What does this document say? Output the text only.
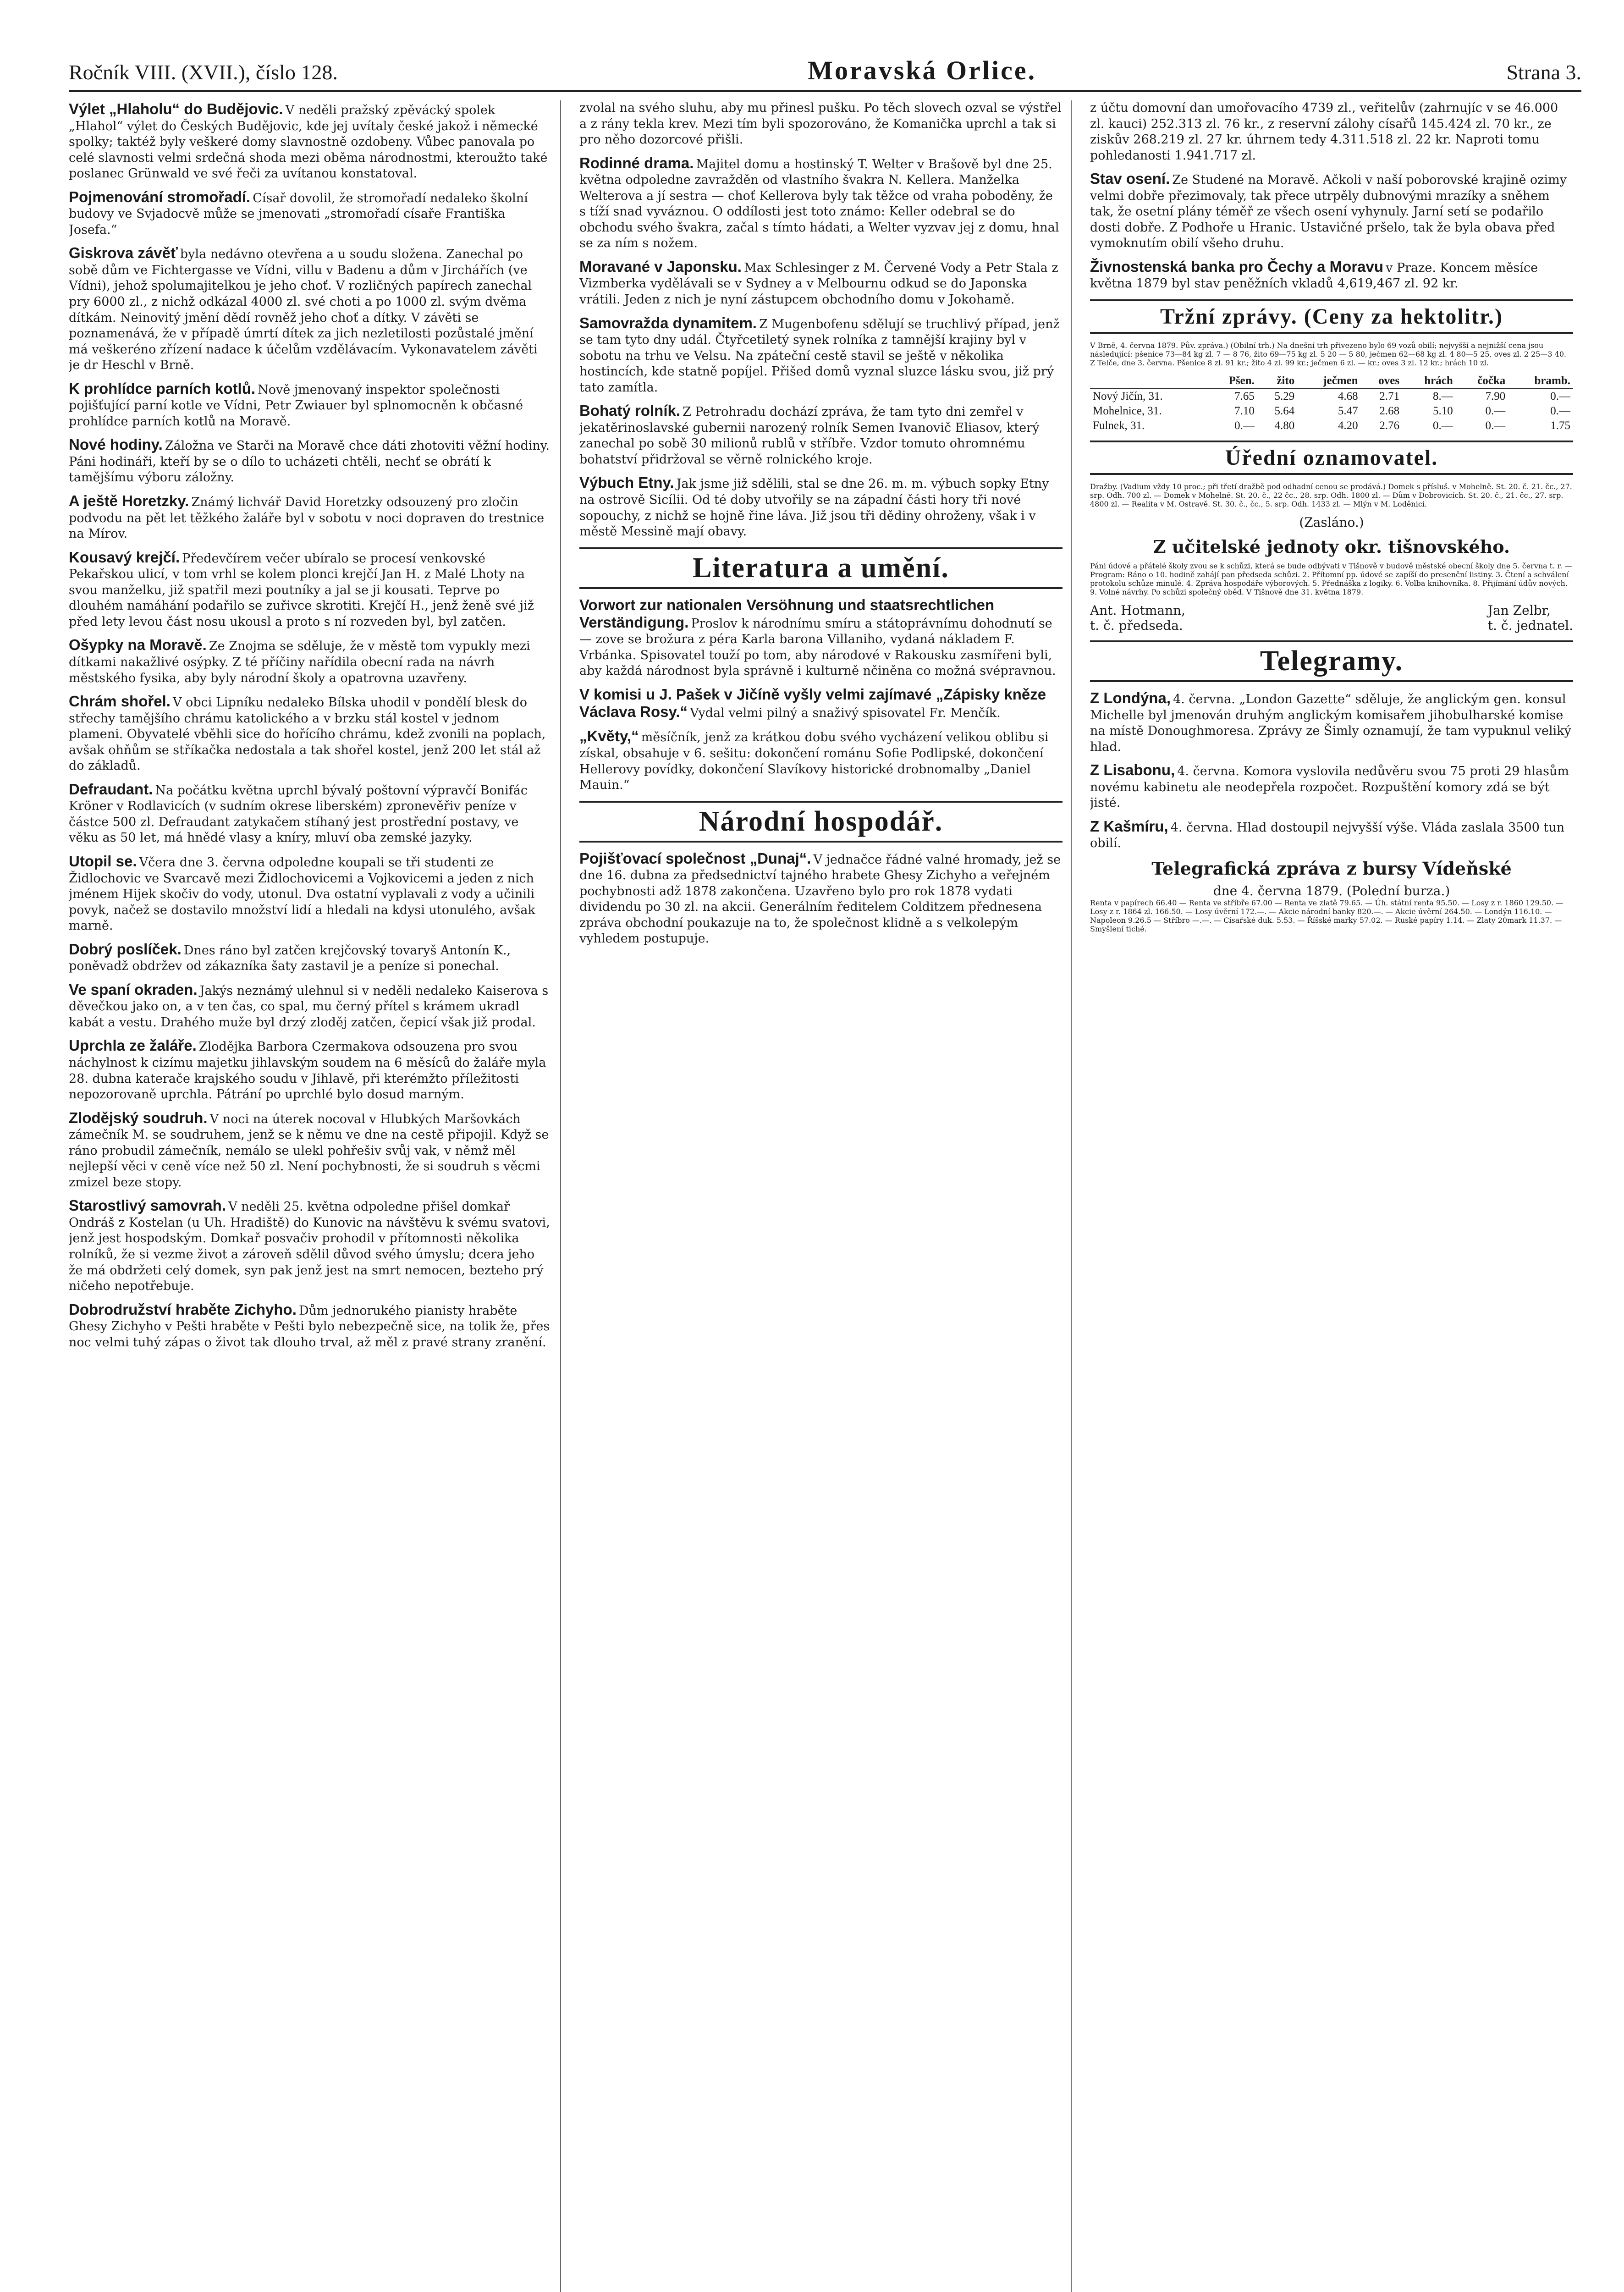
Ročník VIII. (XVII.), číslo 128.	Moravská Orlice.	Strana 3.
Výlet „Hlaholu“ do Budějovic. V neděli pražský zpěvácký spolek „Hlahol“ výlet do Českých Budějovic, kde jej uvítaly české jakož i německé spolky; taktéž byly veškeré domy slavnostně ozdobeny. Vůbec panovala po celé slavnosti velmi srdečná shoda mezi oběma národnostmi, kteroužto také poslanec Grünwald ve své řeči za uvítanou konstatoval.

Pojmenování stromořadí. Císař dovolil, že stromořadí nedaleko školní budovy ve Svjadocvě může se jmenovati „stromořadí císaře Františka Josefa.“

Giskrova závěť byla nedávno otevřena a u soudu složena. Zanechal po sobě dům ve Fichtergasse ve Vídni, villu v Badenu a dům v Jirchářích (ve Vídni), jehož spolumajitelkou je jeho choť. V rozličných papírech zanechal pry 6000 zl., z nichž odkázal 4000 zl. své choti a po 1000 zl. svým dvěma dítkám. Neinovitý jmění dědí rovněž jeho choť a dítky. V závěti se poznamenává, že v případě úmrtí dítek za jich nezletilosti pozůstalé jmění má veškeréno zřízení nadace k účelům vzdělávacím. Vykonavatelem závěti je dr Heschl v Brně.

K prohlídce parních kotlů. Nově jmenovaný inspektor společnosti pojišťující parní kotle ve Vídni, Petr Zwiauer byl splnomocněn k občasné prohlídce parních kotlů na Moravě.

Nové hodiny. Záložna ve Starči na Moravě chce dáti zhotoviti věžní hodiny. Páni hodináři, kteří by se o dílo to ucházeti chtěli, nechť se obrátí k tamějšímu výboru záložny.

A ještě Horetzky. Známý lichvář David Horetzky odsouzený pro zločin podvodu na pět let těžkého žaláře byl v sobotu v noci dopraven do trestnice na Mírov.

Kousavý krejčí. Předevčírem večer ubíralo se procesí venkovské Pekařskou ulicí, v tom vrhl se kolem plonci krejčí Jan H. z Malé Lhoty na svou manželku, již spatřil mezi poutníky a jal se ji kousati. Teprve po dlouhém namáhání podařilo se zuřivce skrotiti. Krejčí H., jenž ženě své již před lety levou část nosu ukousl a proto s ní rozveden byl, byl zatčen.

Ošypky na Moravě. Ze Znojma se sděluje, že v městě tom vypukly mezi dítkami nakažlivé osýpky. Z té příčiny nařídila obecní rada na návrh městského fysika, aby byly národní školy a opatrovna uzavřeny.

Chrám shořel. V obci Lipníku nedaleko Bílska uhodil v pondělí blesk do střechy tamějšího chrámu katolického a v brzku stál kostel v jednom plameni. Obyvatelé vběhli sice do hořícího chrámu, kdež zvonili na poplach, avšak ohňům se stříkačka nedostala a tak shořel kostel, jenž 200 let stál až do základů.

Defraudant. Na počátku května uprchl bývalý poštovní výpravčí Bonifác Kröner v Rodlavicích (v sudním okrese liberském) zpronevěřiv peníze v částce 500 zl. Defraudant zatykačem stíhaný jest prostřední postavy, ve věku as 50 let, má hnědé vlasy a kníry, mluví oba zemské jazyky.

Utopil se. Včera dne 3. června odpoledne koupali se tři studenti ze Židlochovic ve Svarcavě mezi Židlochovicemi a Vojkovicemi a jeden z nich jménem Hijek skočiv do vody, utonul. Dva ostatní vyplavali z vody a učinili povyk, načež se dostavilo množství lidí a hledali na kdysi utonulého, avšak marně.

Dobrý poslíček. Dnes ráno byl zatčen krejčovský tovaryš Antonín K., poněvadž obdržev od zákazníka šaty zastavil je a peníze si ponechal.

Ve spaní okraden. Jakýs neznámý ulehnul si v neděli nedaleko Kaiserova s děvečkou jako on, a v ten čas, co spal, mu černý přítel s krámem ukradl kabát a vestu. Drahého muže byl drzý zloděj zatčen, čepicí však již prodal.

Uprchla ze žaláře. Zlodějka Barbora Czermakova odsouzena pro svou náchylnost k cizímu majetku jihlavským soudem na 6 měsíců do žaláře myla 28. dubna katerače krajského soudu v Jihlavě, při kterémžto příležitosti nepozorovaně uprchla. Pátrání po uprchlé bylo dosud marným.

Zlodějský soudruh. V noci na úterek nocoval v Hlubkých Maršovkách zámečník M. se soudruhem, jenž se k němu ve dne na cestě připojil. Když se ráno probudil zámečník, nemálo se ulekl pohřešiv svůj vak, v němž měl nejlepší věci v ceně více než 50 zl. Není pochybnosti, že si soudruh s věcmi zmizel beze stopy.

Starostlivý samovrah. V neděli 25. května odpoledne přišel domkař Ondráš z Kostelan (u Uh. Hradiště) do Kunovic na návštěvu k svému svatovi, jenž jest hospodským. Domkař posvačiv prohodil v přítomnosti několika rolníků, že si vezme život a zároveň sdělil důvod svého úmyslu; dcera jeho že má obdržeti celý domek, syn pak jenž jest na smrt nemocen, bezteho prý ničeho nepotřebuje.

Dobrodružství hraběte Zichyho. Dům jednorukého pianisty hraběte Ghesy Zichyho v Pešti hraběte v Pešti bylo nebezpečně sice, na tolik že, přes noc velmi tuhý zápas o život tak dlouho trval, až měl z pravé strany zranění.

zvolal na svého sluhu, aby mu přinesl pušku. Po těch slovech ozval se výstřel a z rány tekla krev. Mezi tím byli spozorováno, že Komanička uprchl a tak si pro něho dozorcové přišli.

Rodinné drama. Majitel domu a hostinský T. Welter v Brašově byl dne 25. května odpoledne zavražděn od vlastního švakra N. Kellera. Manželka Welterova a jí sestra — choť Kellerova byly tak těžce od vraha poboděny, že s tíží snad vyváznou. O oddílosti jest toto známo: Keller odebral se do obchodu svého švakra, začal s tímto hádati, a Welter vyzvav jej z domu, hnal se za ním s nožem.

Moravané v Japonsku. Max Schlesinger z M. Červené Vody a Petr Stala z Vizmberka vydělávali se v Sydney a v Melbournu odkud se do Japonska vrátili. Jeden z nich je nyní zástupcem obchodního domu v Jokohamě.

Samovražda dynamitem. Z Mugenbofenu sdělují se truchlivý případ, jenž se tam tyto dny udál. Čtyřcetiletý synek rolníka z tamnější krajiny byl v sobotu na trhu ve Velsu. Na zpáteční cestě stavil se ještě v několika hostincích, kde statně popíjel. Přišed domů vyznal sluzce lásku svou, již prý tato zamítla.

Bohatý rolník. Z Petrohradu dochází zpráva, že tam tyto dni zemřel v jekatěrinoslavské gubernii narozený rolník Semen Ivanovič Eliasov, který zanechal po sobě 30 milionů rublů v stříbře. Vzdor tomuto ohromnému bohatství přidržoval se věrně rolnického kroje.

Výbuch Etny. Jak jsme již sdělili, stal se dne 26. m. m. výbuch sopky Etny na ostrově Sicílii. Od té doby utvořily se na západní části hory tři nové sopouchy, z nichž se hojně řine láva. Již jsou tři dědiny ohroženy, však i v městě Messině mají obavy.

Literatura a umění.
Vorwort zur nationalen Versöhnung und staatsrechtlichen Verständigung. Proslov k národnímu smíru a státoprávnímu dohodnutí se — zove se brožura z péra Karla barona Villaniho, vydaná nákladem F. Vrbánka. Spisovatel touží po tom, aby národové v Rakousku zasmířeni byli, aby každá národnost byla správně i kulturně nčiněna co možná svépravnou.

V komisi u J. Pašek v Jičíně vyšly velmi zajímavé „Zápisky kněze Václava Rosy.“ Vydal velmi pilný a snaživý spisovatel Fr. Menčík.

„Květy,“ měsíčník, jenž za krátkou dobu svého vycházení velikou oblibu si získal, obsahuje v 6. sešitu: dokončení románu Sofie Podlipské, dokončení Hellerovy povídky, dokončení Slavíkovy historické drobnomalby „Daniel Mauin.“

Národní hospodář.
Pojišťovací společnost „Dunaj“. V jednačce řádné valné hromady, jež se dne 16. dubna za předsednictví tajného hrabete Ghesy Zichyho a veřejném pochybnosti adž 1878 zakončena. Uzavřeno bylo pro rok 1878 vydati dividendu po 30 zl. na akcii. Generálním ředitelem Colditzem přednesena zpráva obchodní poukazuje na to, že společnost klidně a s velkolepým vyhledem postupuje.

z účtu domovní dan umořovacího 4739 zl., veřitelův (zahrnujíc v se 46.000 zl. kauci) 252.313 zl. 76 kr., z reservní zálohy císařů 145.424 zl. 70 kr., ze ziskův 268.219 zl. 27 kr. úhrnem tedy 4.311.518 zl. 22 kr. Naproti tomu pohledanosti 1.941.717 zl.

Stav osení. Ze Studené na Moravě. Ačkoli v naší poborovské krajině ozimy velmi dobře přezimovaly, tak přece utrpěly dubnovými mrazíky a sněhem tak, že osetní plány téměř ze všech osení vyhynuly. Jarní setí se podařilo dosti dobře. Z Podhoře u Hranic. Ustavičné pršelo, tak že byla obava před vymoknutím obilí všeho druhu.

Živnostenská banka pro Čechy a Moravu v Praze. Koncem měsíce května 1879 byl stav peněžních vkladů 4,619,467 zl. 92 kr.

Tržní zprávy. (Ceny za hektolitr.)
V Brně, 4. června 1879. Pův. zpráva.) (Obilní trh.) Na dnešní trh přivezeno bylo 69 vozů obilí; nejvyšší a nejnižší cena jsou následující: pšenice 73—84 kg zl. 7 — 8 76, žito 69—75 kg zl. 5 20 — 5 80, ječmen 62—68 kg zl. 4 80—5 25, oves zl. 2 25—3 40. Z Telče, dne 3. června. Pšenice 8 zl. 91 kr.; žito 4 zl. 99 kr.; ječmen 6 zl. — kr.; oves 3 zl. 12 kr.; hrách 10 zl.
	Pšen.	žito	ječmen	oves	hrách	čočka	bramb.
Nový Jičín, 31.	7.65	5.29	4.68	2.71	8.—	7.90	0.—
Mohelnice, 31.	7.10	5.64	5.47	2.68	5.10	0.—	0.—
Fulnek, 31.	0.—	4.80	4.20	2.76	0.—	0.—	1.75
Úřední oznamovatel.
Dražby. (Vadium vždy 10 proc.; při třetí dražbě pod odhadní cenou se prodává.) Domek s přísluš. v Mohelně. St. 20. č. 21. čc., 27. srp. Odh. 700 zl. — Domek v Mohelně. St. 20. č., 22 čc., 28. srp. Odh. 1800 zl. — Dům v Dobrovicích. St. 20. č., 21. čc., 27. srp. 4800 zl. — Realita v M. Ostravě. St. 30. č., čc., 5. srp. Odh. 1433 zl. — Mlýn v M. Loděnici.
(Zasláno.)
Z učitelské jednoty okr. tišnovského.
Páni údové a přátelé školy zvou se k schůzi, která se bude odbývati v Tišnově v budově městské obecní školy dne 5. června t. r. — Program: Ráno o 10. hodině zahájí pan předseda schůzi. 2. Přítomní pp. údové se zapíší do presenční listiny. 3. Čtení a schválení protokolu schůze minulé. 4. Zpráva hospodáře výborových. 5. Přednáška z logiky. 6. Volba knihovníka. 8. Přijímání údův nových. 9. Volné návrhy. Po schůzi společný oběd. V Tišnově dne 31. května 1879.
Ant. Hotmann,
t. č. předseda.
Jan Zelbr,
t. č. jednatel.
Telegramy.
Z Londýna, 4. června. „London Gazette“ sděluje, že anglickým gen. konsul Michelle byl jmenován druhým anglickým komisařem jihobulharské komise na místě Donoughmoresa. Zprávy ze Šimly oznamují, že tam vypuknul veliký hlad.

Z Lisabonu, 4. června. Komora vyslovila nedůvěru svou 75 proti 29 hlasům novému kabinetu ale neodepřela rozpočet. Rozpuštění komory zdá se být jisté.

Z Kašmíru, 4. června. Hlad dostoupil nejvyšší výše. Vláda zaslala 3500 tun obilí.

Telegrafická zpráva z bursy Vídeňské
dne 4. června 1879. (Polední burza.)
Renta v papírech 66.40 — Renta ve stříbře 67.00 — Renta ve zlatě 79.65. — Úh. státní renta 95.50. — Losy z r. 1860 129.50. — Losy z r. 1864 zl. 166.50. — Losy úvěrní 172.—. — Akcie národní banky 820.—. — Akcie úvěrní 264.50. — Londýn 116.10. — Napoleon 9.26.5 — Stříbro —.—. — Císařské duk. 5.53. — Říšské marky 57.02. — Ruské papíry 1.14. — Zlaty 20mark 11.37. — Smyšlení tiché.
